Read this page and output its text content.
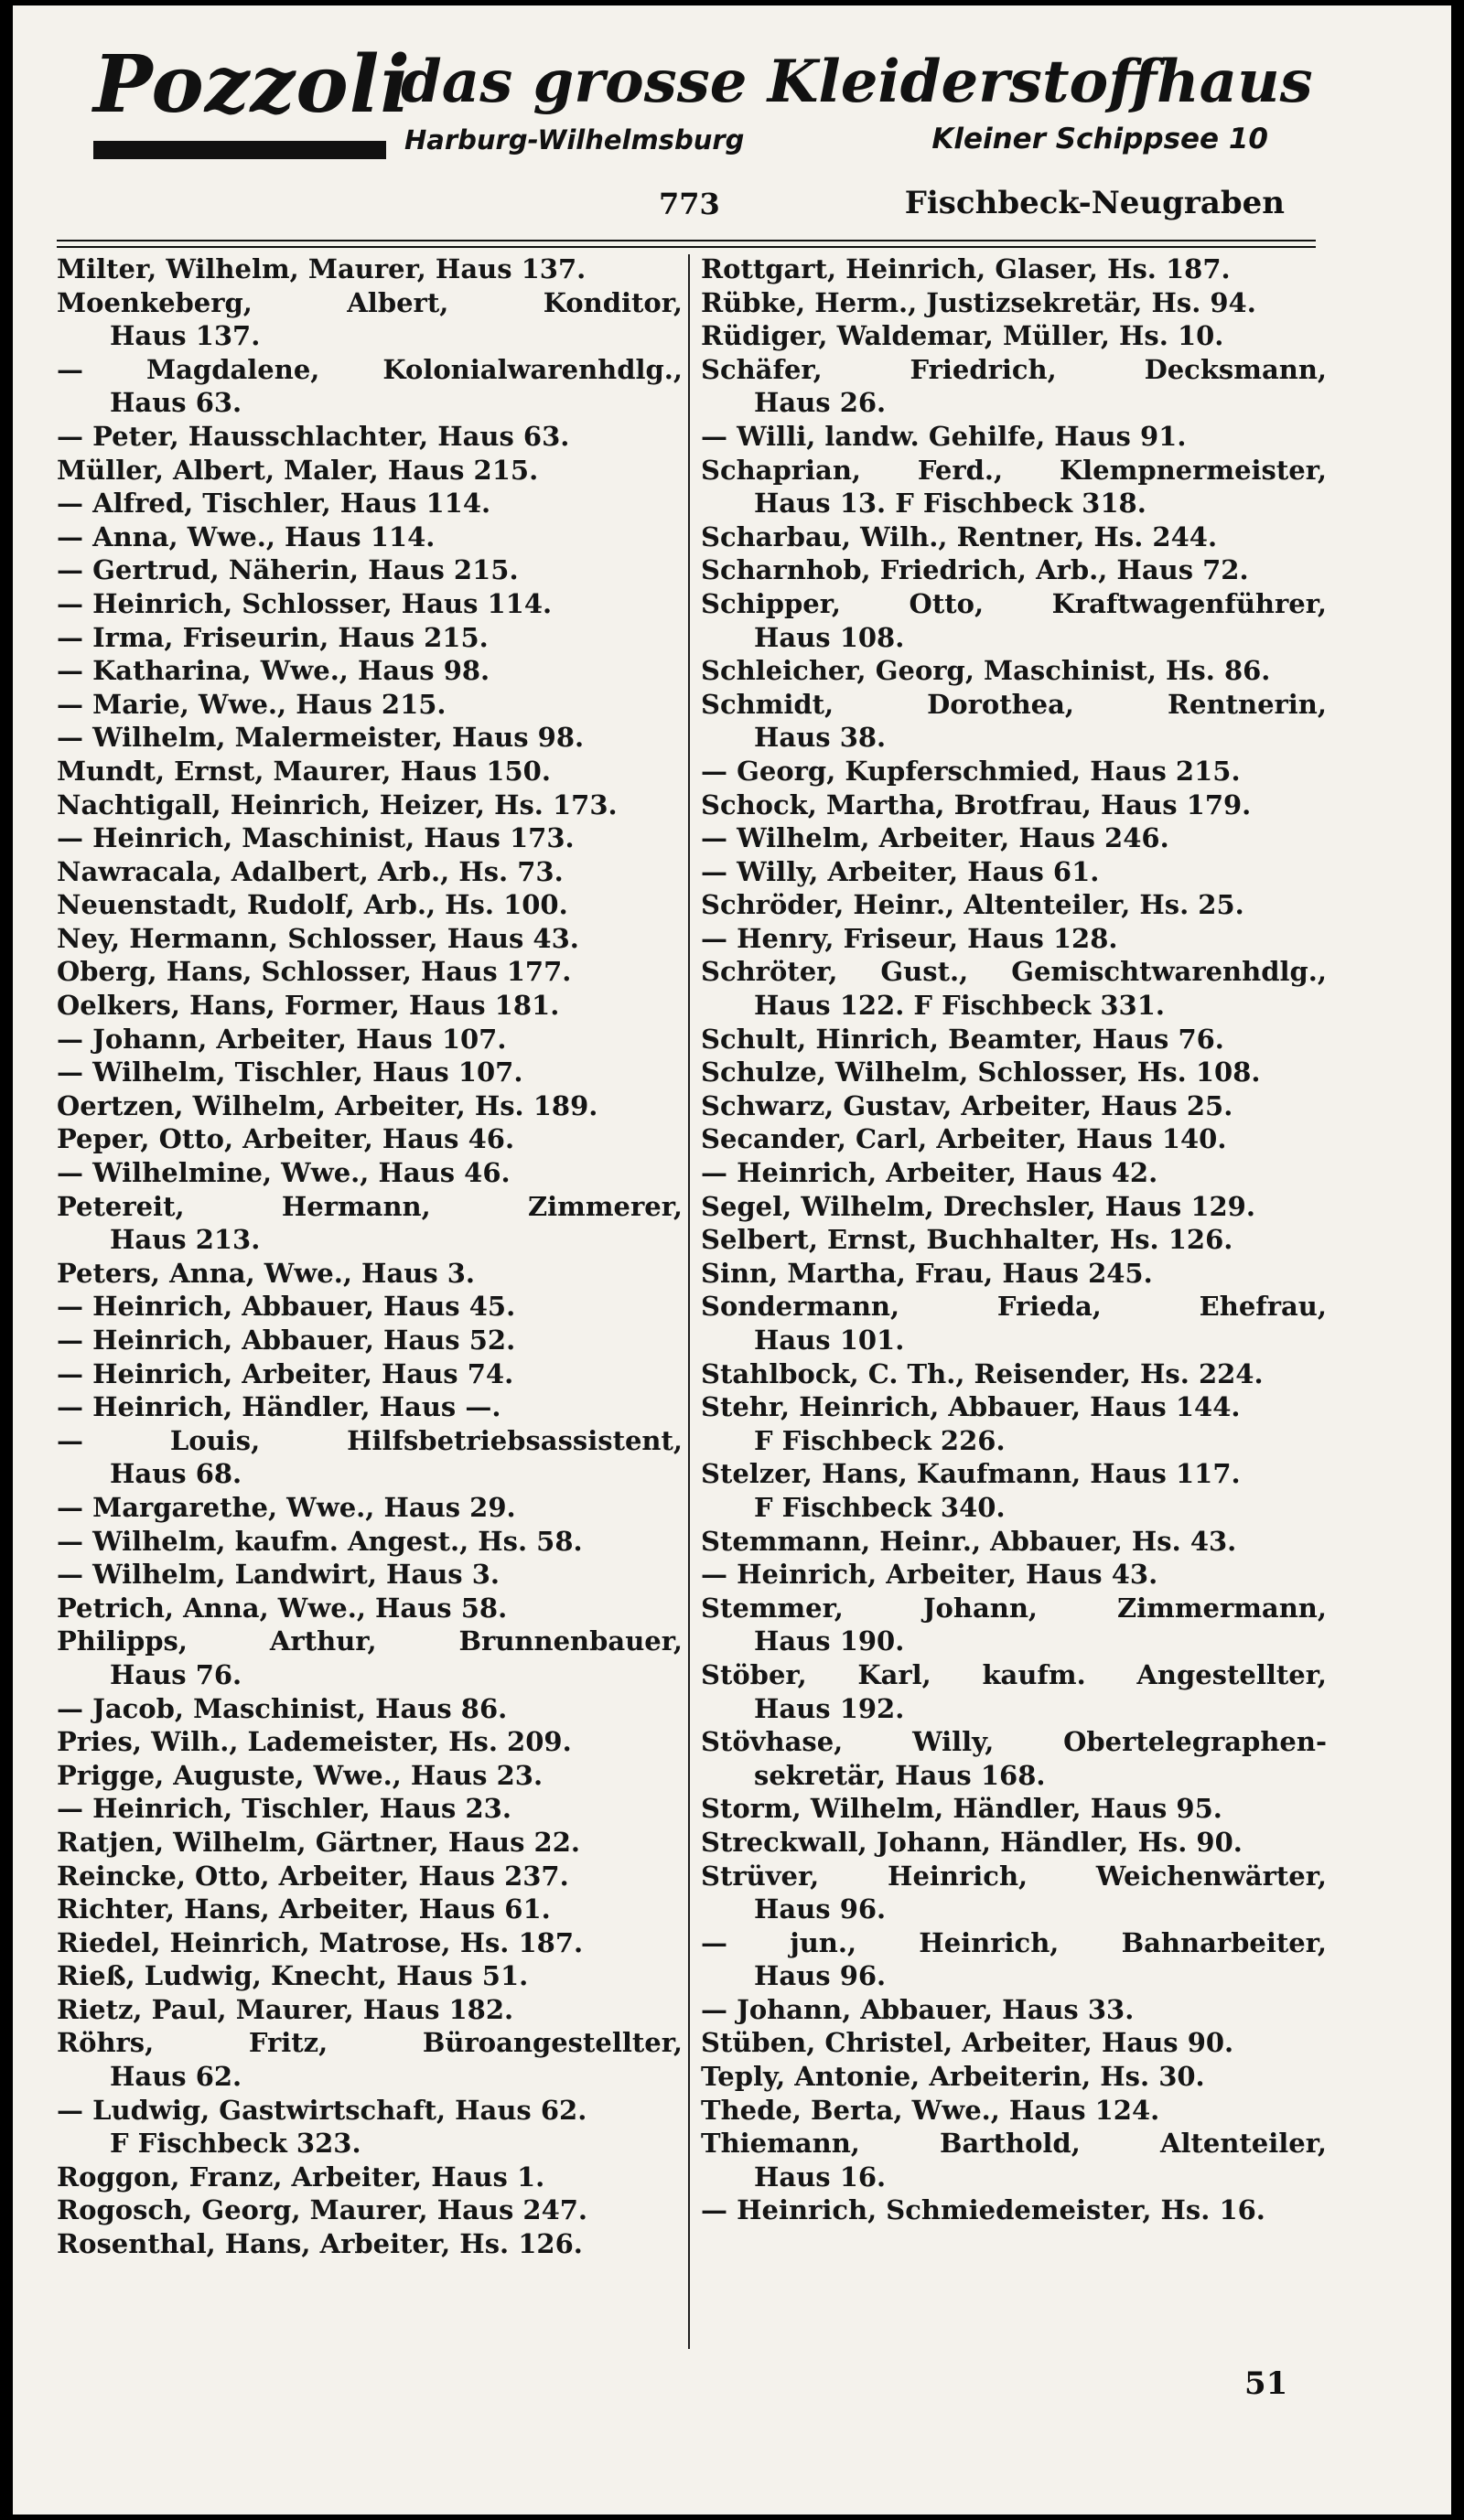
Pozzoli
das grosse Kleiderstoffhaus
Harburg-Wilhelmsburg	Kleiner Schippsee 10
773	Fischbeck-Neugraben
Milter, Wilhelm, Maurer, Haus 137.
Moenkeberg, Albert, Konditor,
Haus 137.
— Magdalene, Kolonialwarenhdlg.,
Haus 63.
— Peter, Hausschlachter, Haus 63.
Müller, Albert, Maler, Haus 215.
— Alfred, Tischler, Haus 114.
— Anna, Wwe., Haus 114.
— Gertrud, Näherin, Haus 215.
— Heinrich, Schlosser, Haus 114.
— Irma, Friseurin, Haus 215.
— Katharina, Wwe., Haus 98.
— Marie, Wwe., Haus 215.
— Wilhelm, Malermeister, Haus 98.
Mundt, Ernst, Maurer, Haus 150.
Nachtigall, Heinrich, Heizer, Hs. 173.
— Heinrich, Maschinist, Haus 173.
Nawracala, Adalbert, Arb., Hs. 73.
Neuenstadt, Rudolf, Arb., Hs. 100.
Ney, Hermann, Schlosser, Haus 43.
Oberg, Hans, Schlosser, Haus 177.
Oelkers, Hans, Former, Haus 181.
— Johann, Arbeiter, Haus 107.
— Wilhelm, Tischler, Haus 107.
Oertzen, Wilhelm, Arbeiter, Hs. 189.
Peper, Otto, Arbeiter, Haus 46.
— Wilhelmine, Wwe., Haus 46.
Petereit, Hermann, Zimmerer,
Haus 213.
Peters, Anna, Wwe., Haus 3.
— Heinrich, Abbauer, Haus 45.
— Heinrich, Abbauer, Haus 52.
— Heinrich, Arbeiter, Haus 74.
— Heinrich, Händler, Haus —.
— Louis, Hilfsbetriebsassistent,
Haus 68.
— Margarethe, Wwe., Haus 29.
— Wilhelm, kaufm. Angest., Hs. 58.
— Wilhelm, Landwirt, Haus 3.
Petrich, Anna, Wwe., Haus 58.
Philipps, Arthur, Brunnenbauer,
Haus 76.
— Jacob, Maschinist, Haus 86.
Pries, Wilh., Lademeister, Hs. 209.
Prigge, Auguste, Wwe., Haus 23.
— Heinrich, Tischler, Haus 23.
Ratjen, Wilhelm, Gärtner, Haus 22.
Reincke, Otto, Arbeiter, Haus 237.
Richter, Hans, Arbeiter, Haus 61.
Riedel, Heinrich, Matrose, Hs. 187.
Rieß, Ludwig, Knecht, Haus 51.
Rietz, Paul, Maurer, Haus 182.
Röhrs, Fritz, Büroangestellter,
Haus 62.
— Ludwig, Gastwirtschaft, Haus 62.
F Fischbeck 323.
Roggon, Franz, Arbeiter, Haus 1.
Rogosch, Georg, Maurer, Haus 247.
Rosenthal, Hans, Arbeiter, Hs. 126.
Rottgart, Heinrich, Glaser, Hs. 187.
Rübke, Herm., Justizsekretär, Hs. 94.
Rüdiger, Waldemar, Müller, Hs. 10.
Schäfer, Friedrich, Decksmann,
Haus 26.
— Willi, landw. Gehilfe, Haus 91.
Schaprian, Ferd., Klempnermeister,
Haus 13. F Fischbeck 318.
Scharbau, Wilh., Rentner, Hs. 244.
Scharnhob, Friedrich, Arb., Haus 72.
Schipper, Otto, Kraftwagenführer,
Haus 108.
Schleicher, Georg, Maschinist, Hs. 86.
Schmidt, Dorothea, Rentnerin,
Haus 38.
— Georg, Kupferschmied, Haus 215.
Schock, Martha, Brotfrau, Haus 179.
— Wilhelm, Arbeiter, Haus 246.
— Willy, Arbeiter, Haus 61.
Schröder, Heinr., Altenteiler, Hs. 25.
— Henry, Friseur, Haus 128.
Schröter, Gust., Gemischtwarenhdlg.,
Haus 122. F Fischbeck 331.
Schult, Hinrich, Beamter, Haus 76.
Schulze, Wilhelm, Schlosser, Hs. 108.
Schwarz, Gustav, Arbeiter, Haus 25.
Secander, Carl, Arbeiter, Haus 140.
— Heinrich, Arbeiter, Haus 42.
Segel, Wilhelm, Drechsler, Haus 129.
Selbert, Ernst, Buchhalter, Hs. 126.
Sinn, Martha, Frau, Haus 245.
Sondermann, Frieda, Ehefrau,
Haus 101.
Stahlbock, C. Th., Reisender, Hs. 224.
Stehr, Heinrich, Abbauer, Haus 144.
F Fischbeck 226.
Stelzer, Hans, Kaufmann, Haus 117.
F Fischbeck 340.
Stemmann, Heinr., Abbauer, Hs. 43.
— Heinrich, Arbeiter, Haus 43.
Stemmer, Johann, Zimmermann,
Haus 190.
Stöber, Karl, kaufm. Angestellter,
Haus 192.
Stövhase, Willy, Obertelegraphen-
sekretär, Haus 168.
Storm, Wilhelm, Händler, Haus 95.
Streckwall, Johann, Händler, Hs. 90.
Strüver, Heinrich, Weichenwärter,
Haus 96.
— jun., Heinrich, Bahnarbeiter,
Haus 96.
— Johann, Abbauer, Haus 33.
Stüben, Christel, Arbeiter, Haus 90.
Teply, Antonie, Arbeiterin, Hs. 30.
Thede, Berta, Wwe., Haus 124.
Thiemann, Barthold, Altenteiler,
Haus 16.
— Heinrich, Schmiedemeister, Hs. 16.
51
